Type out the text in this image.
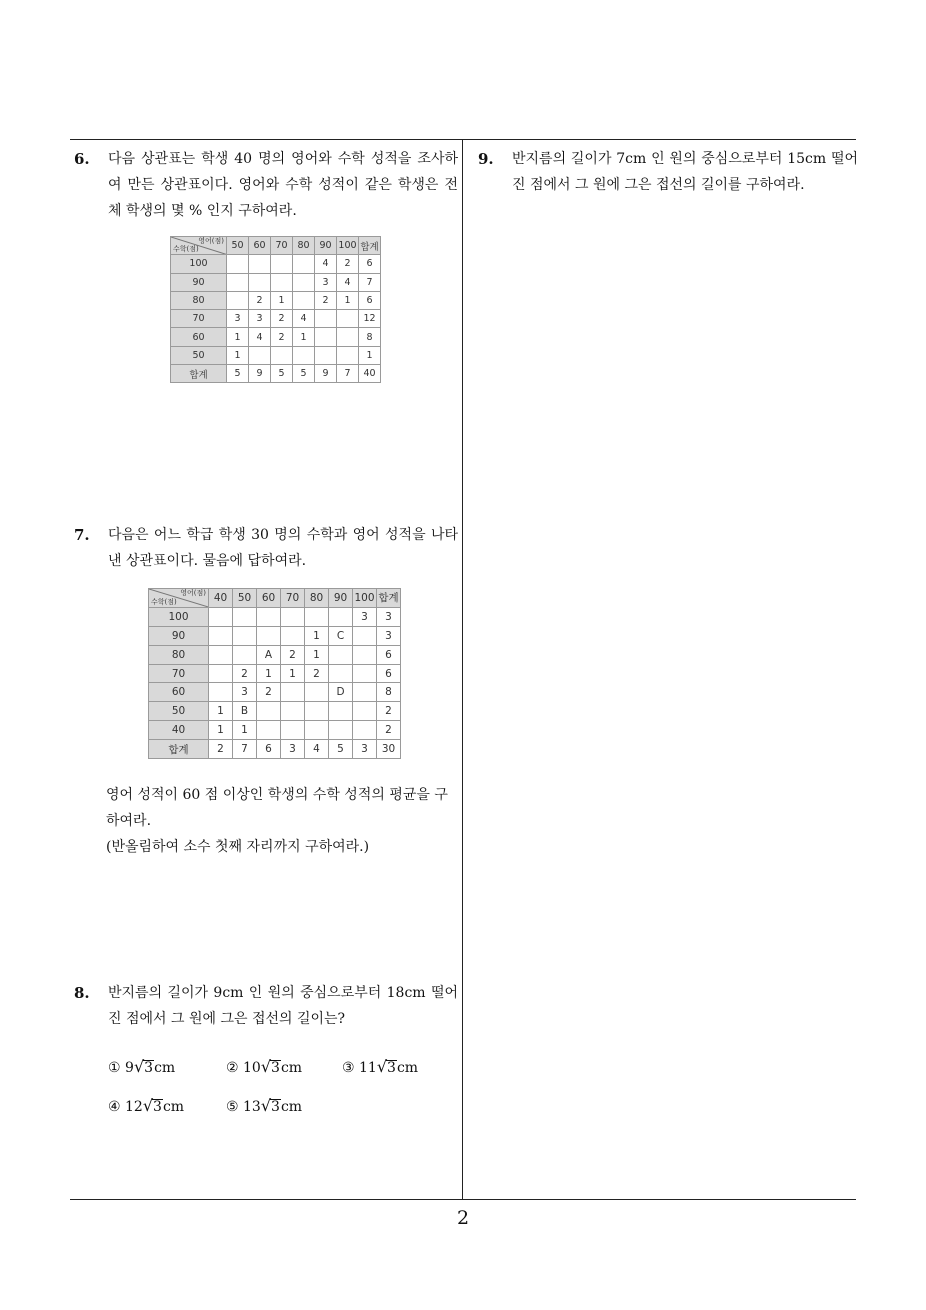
6. 다음 상관표는 학생 40 명의 영어와 수학 성적을 조사하여 만든 상관표이다. 영어와 수학 성적이 같은 학생은 전체 학생의 몇 % 인지 구하여라.
영어(점)
수학(점)	50	60	70	80	90	100	합계
100					4	2	6
90					3	4	7
80		2	1		2	1	6
70	3	3	2	4			12
60	1	4	2	1			8
50	1						1
합계	5	9	5	5	9	7	40
7. 다음은 어느 학급 학생 30 명의 수학과 영어 성적을 나타낸 상관표이다. 물음에 답하여라.
영어(점)
수학(점)	40	50	60	70	80	90	100	합계
100							3	3
90					1	C		3
80			A	2	1			6
70		2	1	1	2			6
60		3	2			D		8
50	1	B						2
40	1	1						2
합계	2	7	6	3	4	5	3	30
영어 성적이 60 점 이상인 학생의 수학 성적의 평균을 구하여라.
(반올림하여 소수 첫째 자리까지 구하여라.)
8. 반지름의 길이가 9cm 인 원의 중심으로부터 18cm 떨어진 점에서 그 원에 그은 접선의 길이는?
① 9√3cm	② 10√3cm	③ 11√3cm
④ 12√3cm	⑤ 13√3cm
9. 반지름의 길이가 7cm 인 원의 중심으로부터 15cm 떨어진 점에서 그 원에 그은 접선의 길이를 구하여라.
2
